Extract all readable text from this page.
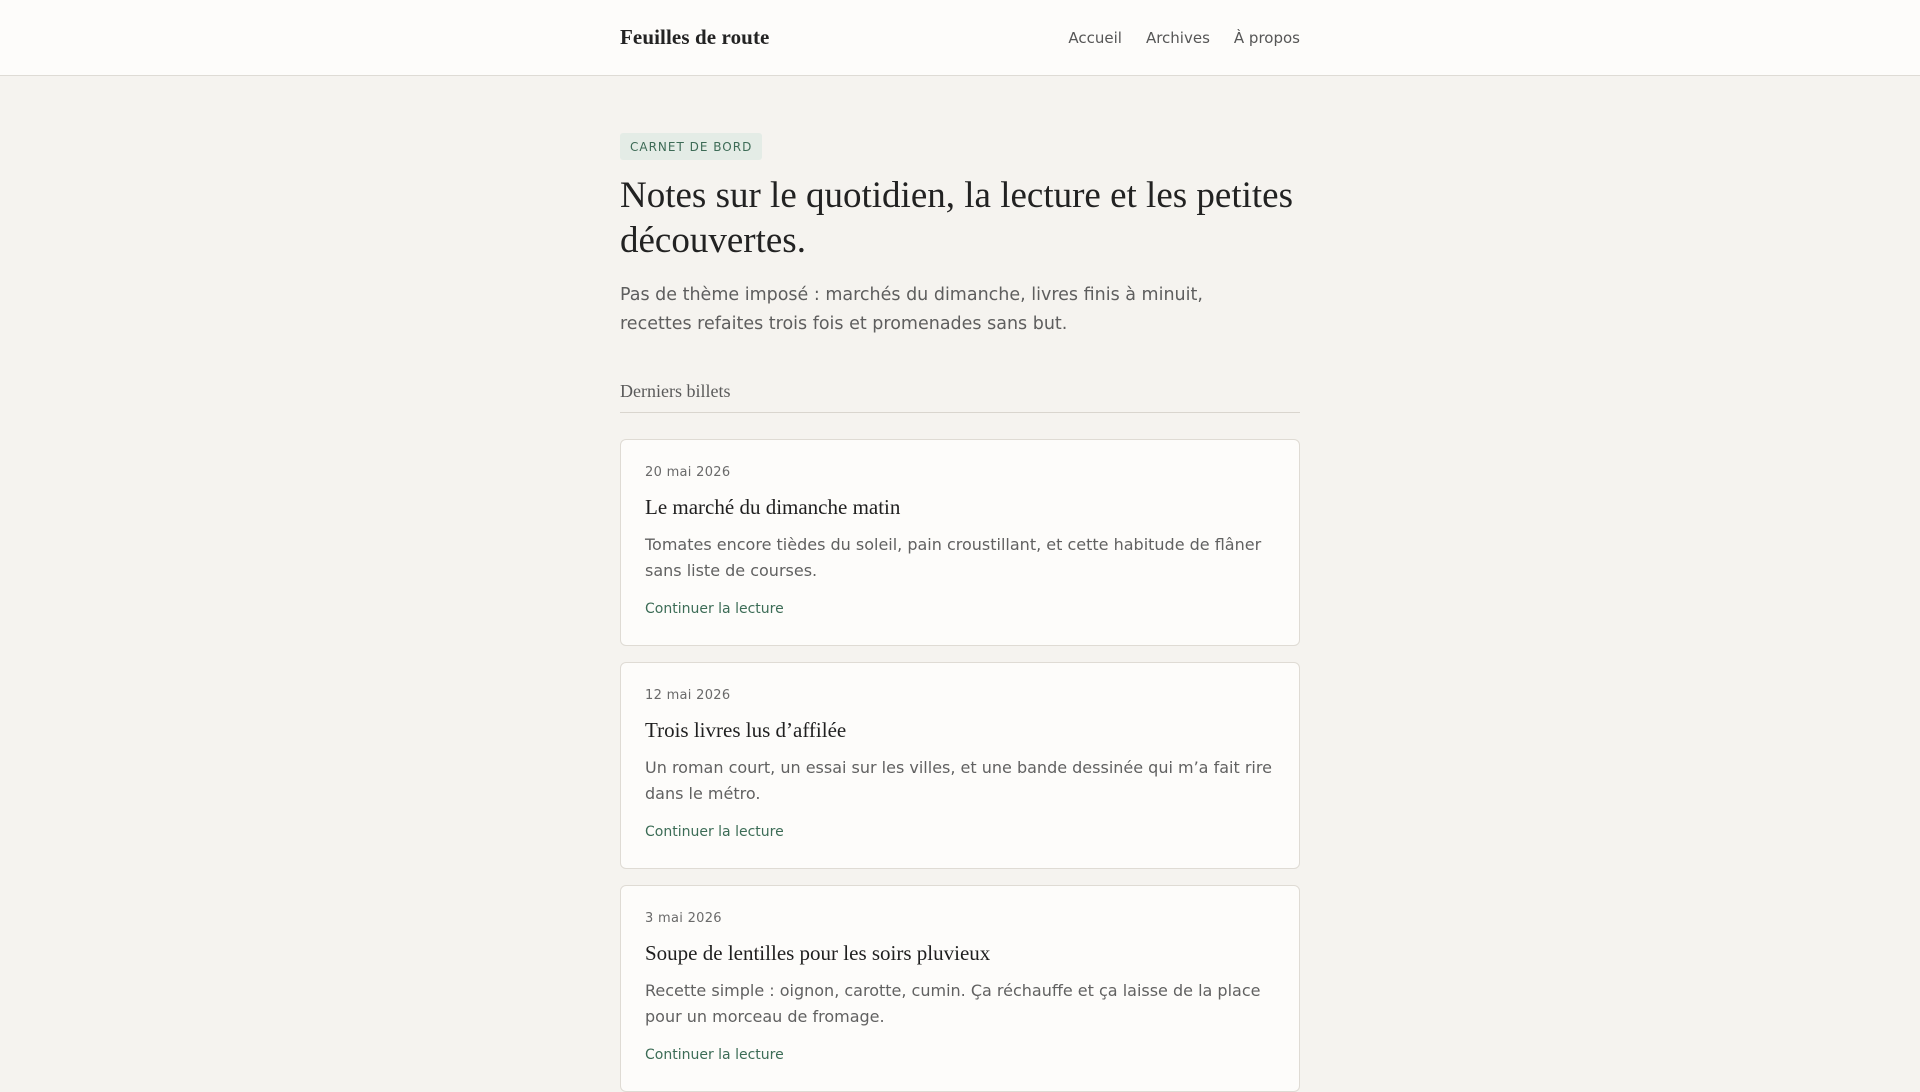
Feuilles de route	Accueil Archives À propos
CARNET DE BORD
Notes sur le quotidien, la lecture et les petites découvertes.

Pas de thème imposé : marchés du dimanche, livres finis à minuit, recettes refaites trois fois et promenades sans but.

Derniers billets
20 mai 2026
Le marché du dimanche matin

Tomates encore tièdes du soleil, pain croustillant, et cette habitude de flâner sans liste de courses.

Continuer la lecture
12 mai 2026
Trois livres lus d’affilée

Un roman court, un essai sur les villes, et une bande dessinée qui m’a fait rire dans le métro.

Continuer la lecture
3 mai 2026
Soupe de lentilles pour les soirs pluvieux

Recette simple : oignon, carotte, cumin. Ça réchauffe et ça laisse de la place pour un morceau de fromage.

Continuer la lecture
